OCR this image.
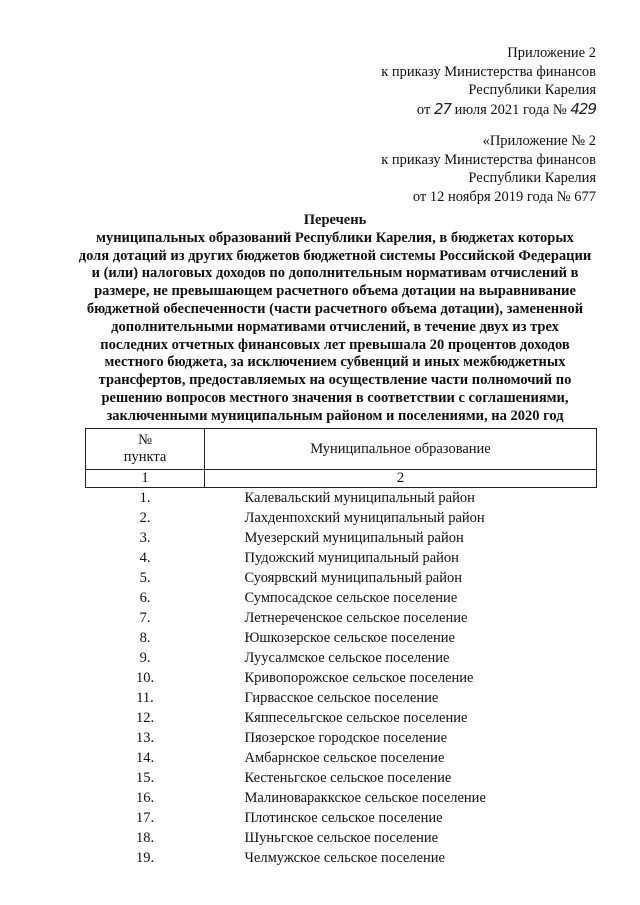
Приложение 2
к приказу Министерства финансов
Республики Карелия
от 27 июля 2021 года № 429
«Приложение № 2
к приказу Министерства финансов
Республики Карелия
от 12 ноября 2019 года № 677
Перечень
муниципальных образований Республики Карелия, в бюджетах которых
доля дотаций из других бюджетов бюджетной системы Российской Федерации
и (или) налоговых доходов по дополнительным нормативам отчислений в
размере, не превышающем расчетного объема дотации на выравнивание
бюджетной обеспеченности (части расчетного объема дотации), замененной
дополнительными нормативами отчислений, в течение двух из трех
последних отчетных финансовых лет превышала 20 процентов доходов
местного бюджета, за исключением субвенций и иных межбюджетных
трансфертов, предоставляемых на осуществление части полномочий по
решению вопросов местного значения в соответствии с соглашениями,
заключенными муниципальным районом и поселениями, на 2020 год
№
пункта	Муниципальное образование
1	2
1.	Калевальский муниципальный район
2.	Лахденпохский муниципальный район
3.	Муезерский муниципальный район
4.	Пудожский муниципальный район
5.	Суоярвский муниципальный район
6.	Сумпосадское сельское поселение
7.	Летнереченское сельское поселение
8.	Юшкозерское сельское поселение
9.	Луусалмское сельское поселение
10.	Кривопорожское сельское поселение
11.	Гирвасское сельское поселение
12.	Кяппесельгское сельское поселение
13.	Пяозерское городское поселение
14.	Амбарнское сельское поселение
15.	Кестеньгское сельское поселение
16.	Малиновараккское сельское поселение
17.	Плотинское сельское поселение
18.	Шуньгское сельское поселение
19.	Челмужское сельское поселение
